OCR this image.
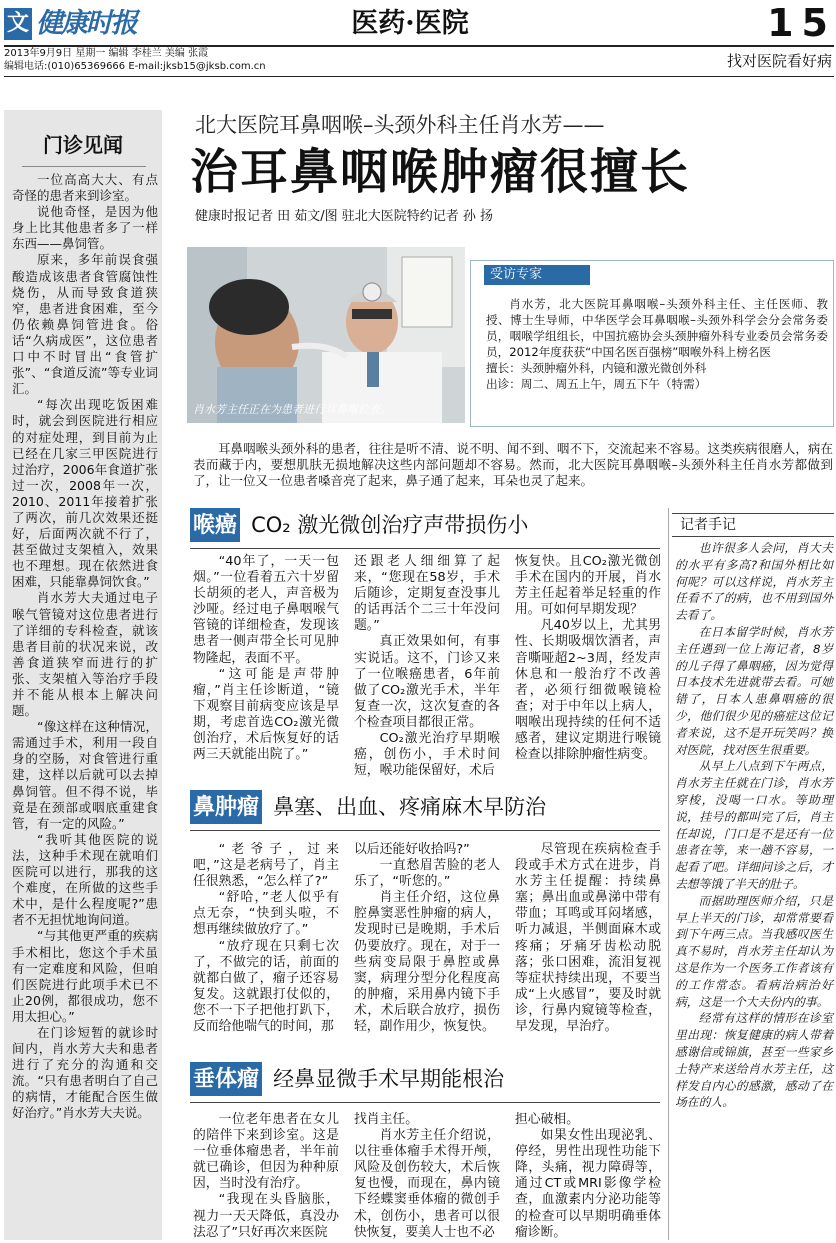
文 健康时报	医药·医院	15
2013年9月9日 星期一 编辑 李桂兰 美编 张霞
编辑电话:(010)65369666 E-mail:jksb15@jksb.com.cn	找对医院看好病
门诊见闻

一位高高大大、有点奇怪的患者来到诊室。

说他奇怪，是因为他身上比其他患者多了一样东西——鼻饲管。

原来，多年前误食强酸造成该患者食管腐蚀性烧伤，从而导致食道狭窄，患者进食困难，至今仍依赖鼻饲管进食。俗话“久病成医”，这位患者口中不时冒出“食管扩张”、“食道反流”等专业词汇。

“每次出现吃饭困难时，就会到医院进行相应的对症处理，到目前为止已经在几家三甲医院进行过治疗，2006年食道扩张过一次，2008年一次，2010、2011年接着扩张了两次，前几次效果还挺好，后面两次就不行了，甚至做过支架植入，效果也不理想。现在依然进食困难，只能靠鼻饲饮食。”

肖水芳大夫通过电子喉气管镜对这位患者进行了详细的专科检查，就该患者目前的状况来说，改善食道狭窄而进行的扩张、支架植入等治疗手段并不能从根本上解决问题。

“像这样在这种情况，需通过手术，利用一段自身的空肠，对食管进行重建，这样以后就可以去掉鼻饲管。但不得不说，毕竟是在颈部或咽底重建食管，有一定的风险。”

“我听其他医院的说法，这种手术现在就咱们医院可以进行，那我的这个难度，在所做的这些手术中，是什么程度呢?”患者不无担忧地询问道。

“与其他更严重的疾病手术相比，您这个手术虽有一定难度和风险，但咱们医院进行此项手术已不止20例，都很成功，您不用太担心。”

在门诊短暂的就诊时间内，肖水芳大夫和患者进行了充分的沟通和交流。“只有患者明白了自己的病情，才能配合医生做好治疗。”肖水芳大夫说。

北大医院耳鼻咽喉–头颈外科主任肖水芳——
治耳鼻咽喉肿瘤很擅长
健康时报记者 田 茹文/图 驻北大医院特约记者 孙 扬
肖水芳主任正在为患者进行耳鼻喉检查。
受访专家

肖水芳，北大医院耳鼻咽喉–头颈外科主任、主任医师、教授、博士生导师，中华医学会耳鼻咽喉–头颈外科学会分会常务委员，咽喉学组组长，中国抗癌协会头颈肿瘤外科专业委员会常务委员，2012年度获获“中国名医百强榜”咽喉外科上榜名医

擅长：头颈肿瘤外科，内镜和激光微创外科

出诊：周二、周五上午，周五下午（特需）

耳鼻咽喉头颈外科的患者，往往是听不清、说不明、闻不到、咽不下，交流起来不容易。这类疾病很磨人，病在表而藏于内，要想肌肤无损地解决这些内部问题却不容易。然而，北大医院耳鼻咽喉–头颈外科主任肖水芳都做到了，让一位又一位患者嗓音亮了起来，鼻子通了起来，耳朵也灵了起来。
喉癌 CO₂ 激光微创治疗声带损伤小

“40年了，一天一包烟。”一位看着五六十岁留长胡须的老人，声音极为沙哑。经过电子鼻咽喉气管镜的详细检查，发现该患者一侧声带全长可见肿物隆起，表面不平。

“这可能是声带肿瘤，”肖主任诊断道，“镜下观察目前病变应该是早期，考虑首选CO₂激光微创治疗，术后恢复好的话两三天就能出院了。”

还跟老人细细算了起来，“您现在58岁，手术后随诊，定期复查没事儿的话再活个二三十年没问题。”

真正效果如何，有事实说话。这不，门诊又来了一位喉癌患者，6年前做了CO₂激光手术，半年复查一次，这次复查的各个检查项目都很正常。

CO₂激光治疗早期喉癌，创伤小，手术时间短，喉功能保留好，术后

恢复快。且CO₂激光微创手术在国内的开展，肖水芳主任起着举足轻重的作用。可如何早期发现？

凡40岁以上，尤其男性、长期吸烟饮酒者，声音嘶哑超2~3周，经发声休息和一般治疗不改善者，必须行细微喉镜检查；对于中年以上病人，咽喉出现持续的任何不适感者，建议定期进行喉镜检查以排除肿瘤性病变。

鼻肿瘤 鼻塞、出血、疼痛麻木早防治

“老爷子，过来吧，”这是老病号了，肖主任很熟悉，“怎么样了?”

“舒哈，”老人似乎有点无奈，“快到头啦，不想再继续做放疗了。”

“放疗现在只剩七次了，不做完的话，前面的就都白做了，瘤子还容易复发。这就跟打仗似的，您不一下子把他打趴下，反而给他喘气的时间，那

以后还能好收拾吗?”

一直愁眉苦脸的老人乐了，“听您的。”

肖主任介绍，这位鼻腔鼻窦恶性肿瘤的病人，发现时已是晚期，手术后仍要放疗。现在，对于一些病变局限于鼻腔或鼻窦，病理分型分化程度高的肿瘤，采用鼻内镜下手术，术后联合放疗，损伤轻，副作用少，恢复快。

尽管现在疾病检查手段或手术方式在进步，肖水芳主任提醒：持续鼻塞；鼻出血或鼻涕中带有带血；耳鸣或耳闷堵感，听力减退，半侧面麻木或疼痛；牙痛牙齿松动脱落；张口困难，流泪复视等症状持续出现，不要当成“上火感冒”，要及时就诊，行鼻内窥镜等检查，早发现，早治疗。

垂体瘤 经鼻显微手术早期能根治

一位老年患者在女儿的陪伴下来到诊室。这是一位垂体瘤患者，半年前就已确诊，但因为种种原因，当时没有治疗。

“我现在头昏脑胀，视力一天天降低，真没办法忍了”只好再次来医院

找肖主任。

肖水芳主任介绍说，以往垂体瘤手术得开颅，风险及创伤较大，术后恢复也慢，而现在，鼻内镜下经蝶窦垂体瘤的微创手术，创伤小，患者可以很快恢复，要美人士也不必

担心破相。

如果女性出现泌乳、停经，男性出现性功能下降，头痛，视力障碍等，通过CT或MRI影像学检查，血激素内分泌功能等的检查可以早期明确垂体瘤诊断。

记者手记

也许很多人会问，肖大夫的水平有多高?和国外相比如何呢？可以这样说，肖水芳主任看不了的病，也不用到国外去看了。

在日本留学时候，肖水芳主任遇到一位上海记者，8岁的儿子得了鼻咽癌，因为觉得日本技术先进就带去看。可她错了，日本人患鼻咽癌的很少，他们很少见的癌症这位记者来说，这不是开玩笑吗？换对医院，找对医生很重要。

从早上八点到下午两点，肖水芳主任就在门诊，肖水芳穿梭，没喝一口水。等助理说，挂号的都叫完了后，肖主任却说，门口是不是还有一位患者在等，来一趟不容易，一起看了吧。详细问诊之后，才去想等饿了半天的肚子。

而据助理医师介绍，只是早上半天的门诊，却常常要看到下午两三点。当我感叹医生真不易时，肖水芳主任却认为这是作为一个医务工作者该有的工作常态。看病治病治好病，这是一个大夫份内的事。

经常有这样的情形在诊室里出现：恢复健康的病人带着感谢信或锦旗，甚至一些家乡土特产来送给肖水芳主任，这样发自内心的感激，感动了在场在的人。
